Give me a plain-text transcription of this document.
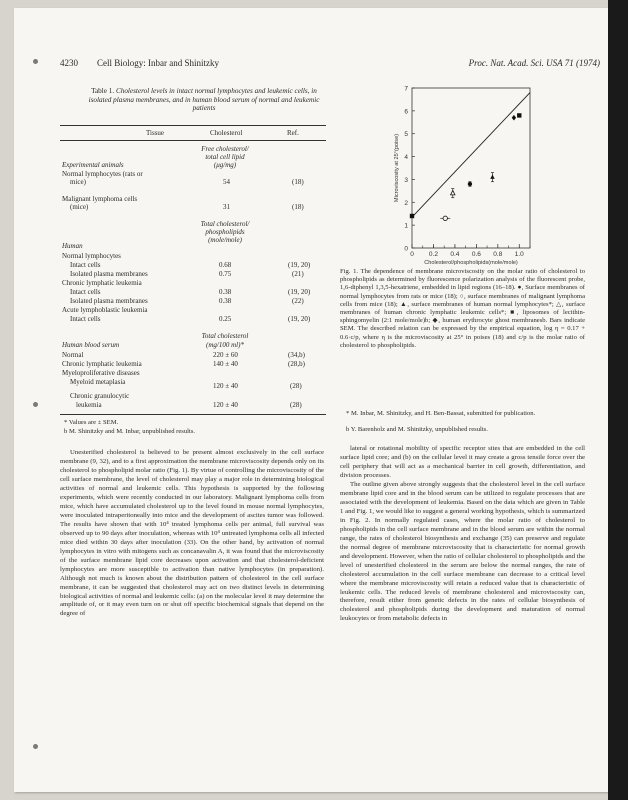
4230 Cell Biology: Inbar and Shinitzky	Proc. Nat. Acad. Sci. USA 71 (1974)
Table 1. Cholesterol levels in intact normal lymphocytes and leukemic cells, in isolated plasma membranes, and in human blood serum of normal and leukemic patients
Tissue	Cholesterol	Ref.
Free cholesterol/
total cell lipid
(μg/mg)
Experimental animals
Normal lymphocytes (rats or
mice)	54	(18)
Malignant lymphoma cells
(mice)	31	(18)
Total cholesterol/
phospholipids
(mole/mole)
Human
Normal lymphocytes
Intact cells	0.68	(19, 20)
Isolated plasma membranes	0.75	(21)
Chronic lymphatic leukemia
Intact cells	0.38	(19, 20)
Isolated plasma membranes	0.38	(22)
Acute lymphoblastic leukemia
Intact cells	0.25	(19, 20)
Total cholesterol
(mg/100 ml)*
Human blood serum
Normal	220 ± 60	(34,b)
Chronic lymphatic leukemia	140 ± 40	(28,b)
Myeloproliferative diseases
Myeloid metaplasia	120 ± 40	(28)
Chronic granulocytic
leukemia	120 ± 40	(28)
* Values are ± SEM.
b M. Shinitzky and M. Inbar, unpublished results.

Unesterified cholesterol is believed to be present almost exclusively in the cell surface membrane (9, 32), and to a first approximation the membrane microviscosity depends only on its cholesterol to phospholipid molar ratio (Fig. 1). By virtue of controlling the microviscosity of the cell surface membrane, the level of cholesterol may play a major role in determining biological activities of normal and leukemic cells. This hypothesis is supported by the following experiments, which were recently conducted in our laboratory. Malignant lymphoma cells from mice, which have accumulated cholesterol up to the level found in mouse normal lymphocytes, were inoculated intraperitoneally into mice and the development of ascites tumor was followed. The results have shown that with 10⁴ treated lymphoma cells per animal, full survival was observed up to 90 days after inoculation, whereas with 10⁴ untreated lymphoma cells all infected mice died within 30 days after inoculation (33). On the other hand, by activation of normal lymphocytes in vitro with mitogens such as concanavalin A, it was found that the microviscosity of the surface membrane lipid core decreases upon activation and that cholesterol-deficient lymphocytes are more susceptible to activation than native lymphocytes (in preparation). Although not much is known about the distribution pattern of cholesterol in the cell surface membrane, it can be suggested that cholesterol may act on two distinct levels in determining biological activities of normal and leukemic cells: (a) on the molecular level it may determine the amplitude of, or it may even turn on or shut off specific biochemical signals that depend on the degree of

0
1
2
3
4
5
6
7
0 0.2 0.4 0.6 0.8 1.0
Cholesterol/phospholipids(mole/mole)
Microviscosity at 25°(poise)

Fig. 1. The dependence of membrane microviscosity on the molar ratio of cholesterol to phospholipids as determined by fluorescence polarization analysis of the fluorescent probe, 1,6-diphenyl 1,3,5-hexatriene, embedded in lipid regions (16–18). ●, Surface membranes of normal lymphocytes from rats or mice (18); ○, surface membranes of malignant lymphoma cells from mice (18); ▲, surface membranes of human normal lymphocytes*; △, surface membranes of human chronic lymphatic leukemic cells*; ■, liposomes of lecithin-sphingomyelin (2:1 mole/mole)b; ◆, human erythrocyte ghost membranesb. Bars indicate SEM. The described relation can be expressed by the empirical equation, log η = 0.17 + 0.6·c/p, where η is the microviscosity at 25° in poises (18) and c/p is the molar ratio of cholesterol to phospholipids.

* M. Inbar, M. Shinitzky, and H. Ben-Bassat, submitted for publication.
b Y. Barenholz and M. Shinitzky, unpublished results.

lateral or rotational mobility of specific receptor sites that are embedded in the cell surface lipid core; and (b) on the cellular level it may create a gross tensile force over the cell periphery that will act as a mechanical barrier in cell growth, differentiation, and division processes.

The outline given above strongly suggests that the cholesterol level in the cell surface membrane lipid core and in the blood serum can be utilized to regulate processes that are associated with the development of leukemia. Based on the data which are given in Table 1 and Fig. 1, we would like to suggest a general working hypothesis, which is summarized in Fig. 2. In normally regulated cases, where the molar ratio of cholesterol to phospholipids in the cell surface membrane and in the blood serum are within the normal range, the rates of cholesterol biosynthesis and exchange (35) can preserve and regulate the normal degree of membrane microviscosity that is characteristic for normal growth and development. However, when the ratio of cellular cholesterol to phospholipids and the level of unesterified cholesterol in the serum are below the normal ranges, the rate of cholesterol accumulation in the cell surface membrane can decrease to a critical level where the membrane microviscosity will retain a reduced value that is characteristic of leukemic cells. The reduced levels of membrane cholesterol and microviscosity can, therefore, result either from genetic defects in the rates of cellular biosynthesis of cholesterol and phospholipids during the development and maturation of normal leukocytes or from metabolic defects in
